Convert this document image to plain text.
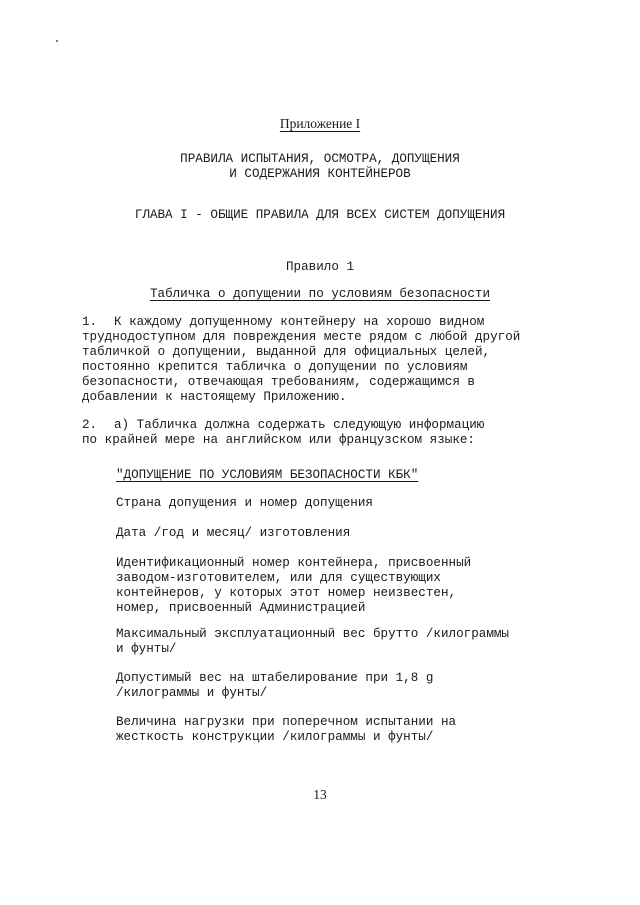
Приложение I
ПРАВИЛА ИСПЫТАНИЯ, ОСМОТРА, ДОПУЩЕНИЯ
И СОДЕРЖАНИЯ КОНТЕЙНЕРОВ
ГЛАВА I - ОБЩИЕ ПРАВИЛА ДЛЯ ВСЕХ СИСТЕМ ДОПУЩЕНИЯ
Правило 1
Табличка о допущении по условиям безопасности
1.	К каждому допущенному контейнеру на хорошо видном
труднодоступном для повреждения месте рядом с любой другой
табличкой о допущении, выданной для официальных целей,
постоянно крепится табличка о допущении по условиям
безопасности, отвечающая требованиям, содержащимся в
добавлении к настоящему Приложению.
2.	a) Табличка должна содержать следующую информацию
по крайней мере на английском или французском языке:
"ДОПУЩЕНИЕ ПО УСЛОВИЯМ БЕЗОПАСНОСТИ КБК"
Страна допущения и номер допущения
Дата /год и месяц/ изготовления
Идентификационный номер контейнера, присвоенный
заводом-изготовителем, или для существующих
контейнеров, у которых этот номер неизвестен,
номер, присвоенный Администрацией
Максимальный эксплуатационный вес брутто /килограммы
и фунты/
Допустимый вес на штабелирование при 1,8 g
/килограммы и фунты/
Величина нагрузки при поперечном испытании на
жесткость конструкции /килограммы и фунты/
13
